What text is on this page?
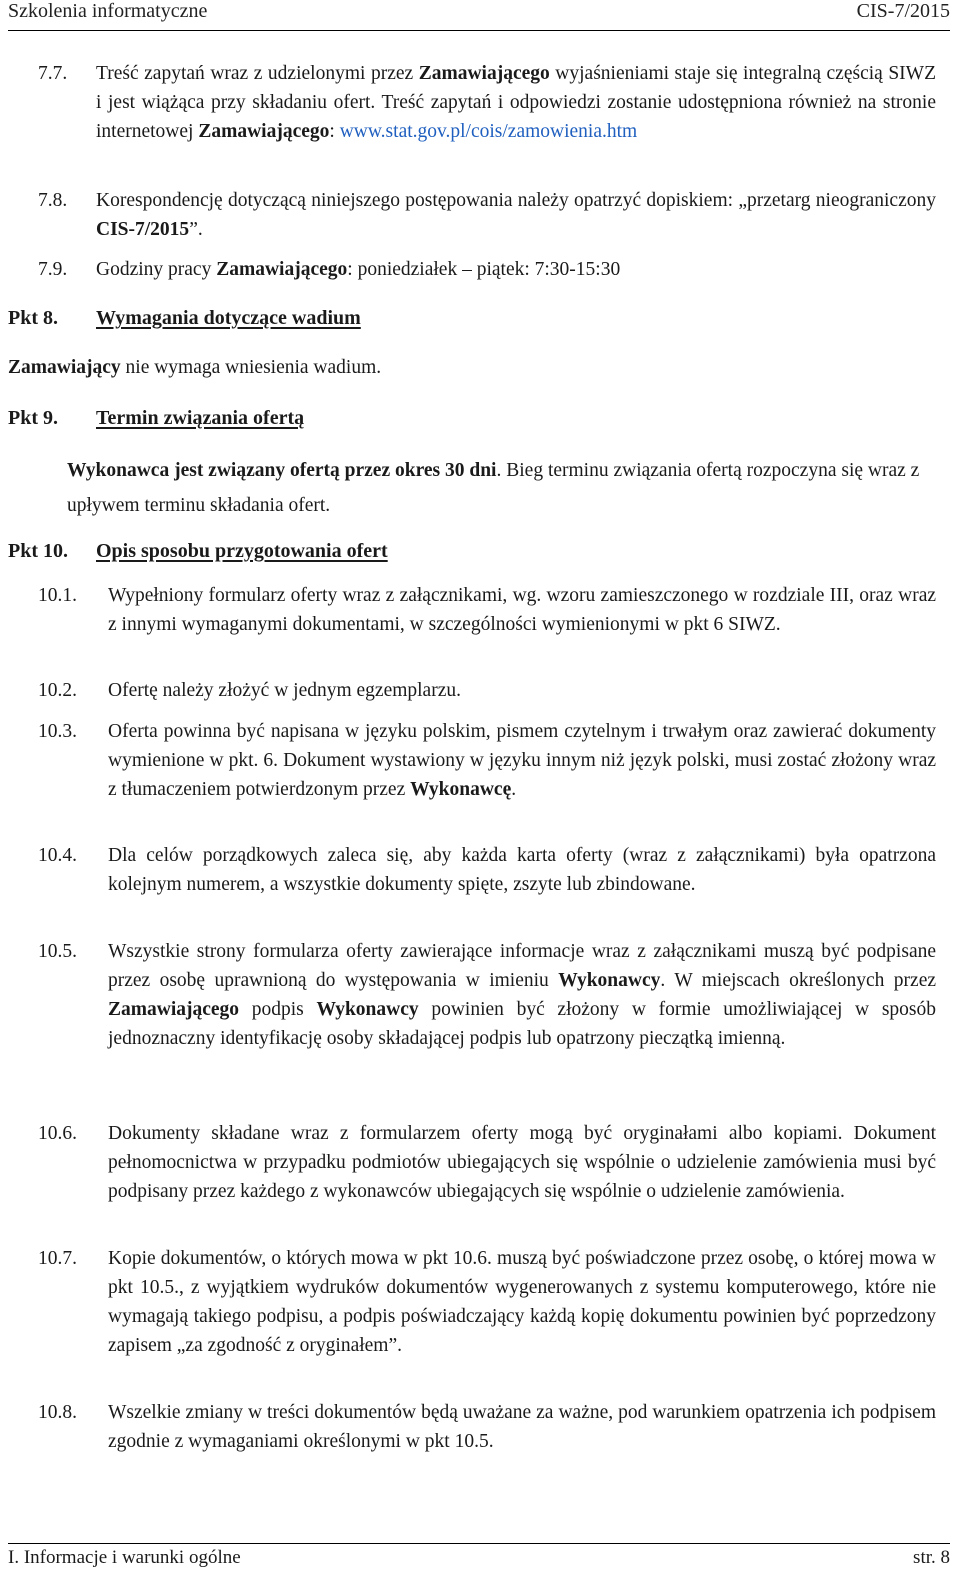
Szkolenia informatyczne	CIS-7/2015
7.7. Treść zapytań wraz z udzielonymi przez Zamawiającego wyjaśnieniami staje się integralną częścią SIWZ i jest wiążąca przy składaniu ofert. Treść zapytań i odpowiedzi zostanie udostępniona również na stronie internetowej Zamawiającego: www.stat.gov.pl/cois/zamowienia.htm

7.8. Korespondencję dotyczącą niniejszego postępowania należy opatrzyć dopiskiem: „przetarg nieograniczony CIS-7/2015”.

7.9. Godziny pracy Zamawiającego: poniedziałek – piątek: 7:30-15:30

Pkt 8. Wymagania dotyczące wadium
Zamawiający nie wymaga wniesienia wadium.
Pkt 9. Termin związania ofertą
Wykonawca jest związany ofertą przez okres 30 dni. Bieg terminu związania ofertą rozpoczyna się wraz z upływem terminu składania ofert.
Pkt 10. Opis sposobu przygotowania ofert
10.1. Wypełniony formularz oferty wraz z załącznikami, wg. wzoru zamieszczonego w rozdziale III, oraz wraz z innymi wymaganymi dokumentami, w szczególności wymienionymi w pkt 6 SIWZ.

10.2. Ofertę należy złożyć w jednym egzemplarzu.

10.3. Oferta powinna być napisana w języku polskim, pismem czytelnym i trwałym oraz zawierać dokumenty wymienione w pkt. 6. Dokument wystawiony w języku innym niż język polski, musi zostać złożony wraz z tłumaczeniem potwierdzonym przez Wykonawcę.

10.4. Dla celów porządkowych zaleca się, aby każda karta oferty (wraz z załącznikami) była opatrzona kolejnym numerem, a wszystkie dokumenty spięte, zszyte lub zbindowane.

10.5. Wszystkie strony formularza oferty zawierające informacje wraz z załącznikami muszą być podpisane przez osobę uprawnioną do występowania w imieniu Wykonawcy. W miejscach określonych przez Zamawiającego podpis Wykonawcy powinien być złożony w formie umożliwiającej w sposób jednoznaczny identyfikację osoby składającej podpis lub opatrzony pieczątką imienną.

10.6. Dokumenty składane wraz z formularzem oferty mogą być oryginałami albo kopiami. Dokument pełnomocnictwa w przypadku podmiotów ubiegających się wspólnie o udzielenie zamówienia musi być podpisany przez każdego z wykonawców ubiegających się wspólnie o udzielenie zamówienia.

10.7. Kopie dokumentów, o których mowa w pkt 10.6. muszą być poświadczone przez osobę, o której mowa w pkt 10.5., z wyjątkiem wydruków dokumentów wygenerowanych z systemu komputerowego, które nie wymagają takiego podpisu, a podpis poświadczający każdą kopię dokumentu powinien być poprzedzony zapisem „za zgodność z oryginałem”.

10.8. Wszelkie zmiany w treści dokumentów będą uważane za ważne, pod warunkiem opatrzenia ich podpisem zgodnie z wymaganiami określonymi w pkt 10.5.

I. Informacje i warunki ogólne	str. 8
